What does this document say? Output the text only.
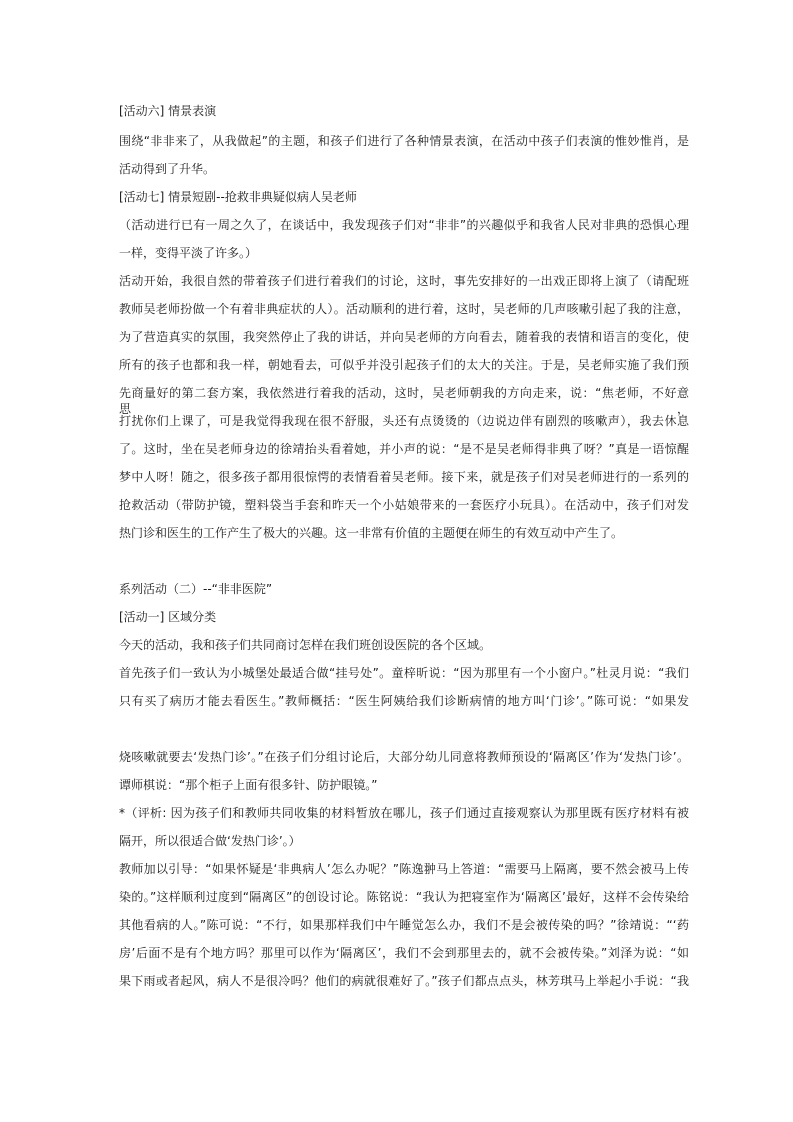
[活动六] 情景表演
围绕“非非来了，从我做起”的主题，和孩子们进行了各种情景表演，在活动中孩子们表演的惟妙惟肖，是
活动得到了升华。
[活动七] 情景短剧--抢救非典疑似病人吴老师
（活动进行已有一周之久了，在谈话中，我发现孩子们对“非非”的兴趣似乎和我省人民对非典的恐惧心理
一样，变得平淡了许多。）
活动开始，我很自然的带着孩子们进行着我们的讨论，这时，事先安排好的一出戏正即将上演了（请配班
教师吴老师扮做一个有着非典症状的人）。活动顺利的进行着，这时，吴老师的几声咳嗽引起了我的注意，
为了营造真实的氛围，我突然停止了我的讲话，并向吴老师的方向看去，随着我的表情和语言的变化，使
所有的孩子也都和我一样，朝她看去，可似乎并没引起孩子们的太大的关注。于是，吴老师实施了我们预
先商量好的第二套方案，我依然进行着我的活动，这时，吴老师朝我的方向走来，说：“焦老师，不好意思，
打扰你们上课了，可是我觉得我现在很不舒服，头还有点烫烫的（边说边伴有剧烈的咳嗽声），我去休息
了。这时，坐在吴老师身边的徐靖抬头看着她，并小声的说：“是不是吴老师得非典了呀？”真是一语惊醒
梦中人呀！随之，很多孩子都用很惊愕的表情看着吴老师。接下来，就是孩子们对吴老师进行的一系列的
抢救活动（带防护镜，塑料袋当手套和昨天一个小姑娘带来的一套医疗小玩具）。在活动中，孩子们对发
热门诊和医生的工作产生了极大的兴趣。这一非常有价值的主题便在师生的有效互动中产生了。
系列活动（二）--“非非医院”
[活动一] 区域分类
今天的活动，我和孩子们共同商讨怎样在我们班创设医院的各个区域。
首先孩子们一致认为小城堡处最适合做“挂号处”。童梓昕说：“因为那里有一个小窗户。”杜灵月说：“我们
只有买了病历才能去看医生。”教师概括：“医生阿姨给我们诊断病情的地方叫‘门诊’。”陈可说：“如果发
烧咳嗽就要去‘发热门诊’。”在孩子们分组讨论后，大部分幼儿同意将教师预设的‘隔离区’作为‘发热门诊’。
谭师棋说：“那个柜子上面有很多针、防护眼镜。”
*（评析: 因为孩子们和教师共同收集的材料暂放在哪儿，孩子们通过直接观察认为那里既有医疗材料有被
隔开，所以很适合做‘发热门诊’。）
教师加以引导：“如果怀疑是‘非典病人’怎么办呢？”陈逸翀马上答道：“需要马上隔离，要不然会被马上传
染的。”这样顺利过度到“隔离区”的创设讨论。陈铭说：“我认为把寝室作为‘隔离区’最好，这样不会传染给
其他看病的人。”陈可说：“不行，如果那样我们中午睡觉怎么办，我们不是会被传染的吗？”徐靖说：“‘药
房’后面不是有个地方吗？那里可以作为‘隔离区’，我们不会到那里去的，就不会被传染。”刘泽为说：“如
果下雨或者起风，病人不是很冷吗？他们的病就很难好了。”孩子们都点点头，林芳琪马上举起小手说：“我
